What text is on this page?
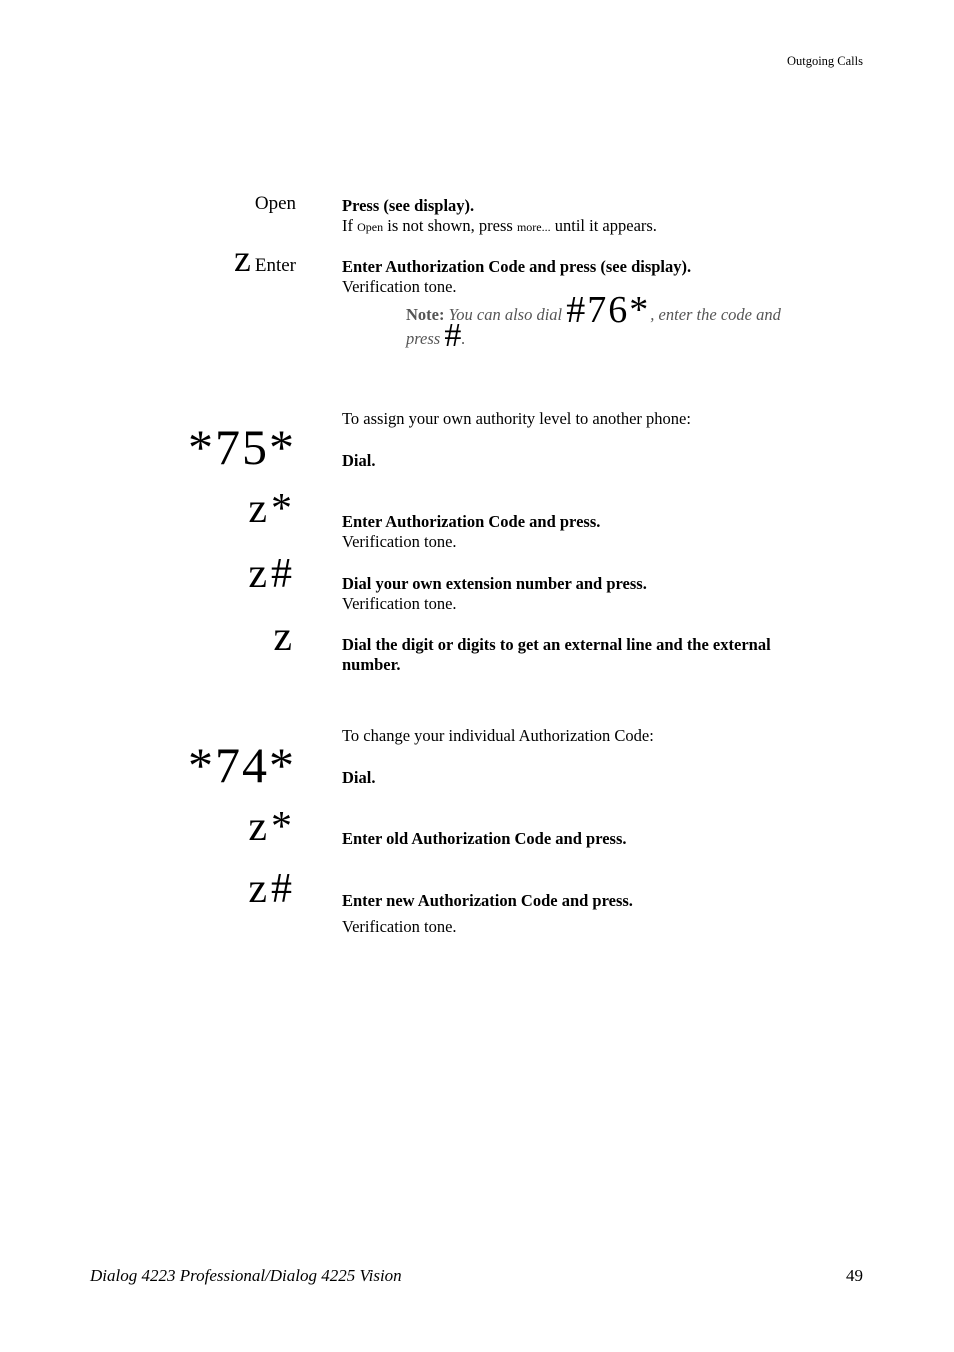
Outgoing Calls
Open	Press (see display).
If Open is not shown, press more... until it appears.
z Enter	Enter Authorization Code and press (see display).
Verification tone.
Note: You can also dial #76*, enter the code and press #.
To assign your own authority level to another phone:
*75*	Dial.
z*	Enter Authorization Code and press.
Verification tone.
z#	Dial your own extension number and press.
Verification tone.
z	Dial the digit or digits to get an external line and the external
number.
To change your individual Authorization Code:
*74*	Dial.
z*	Enter old Authorization Code and press.
z#	Enter new Authorization Code and press.
Verification tone.
Dialog 4223 Professional/Dialog 4225 Vision	49
